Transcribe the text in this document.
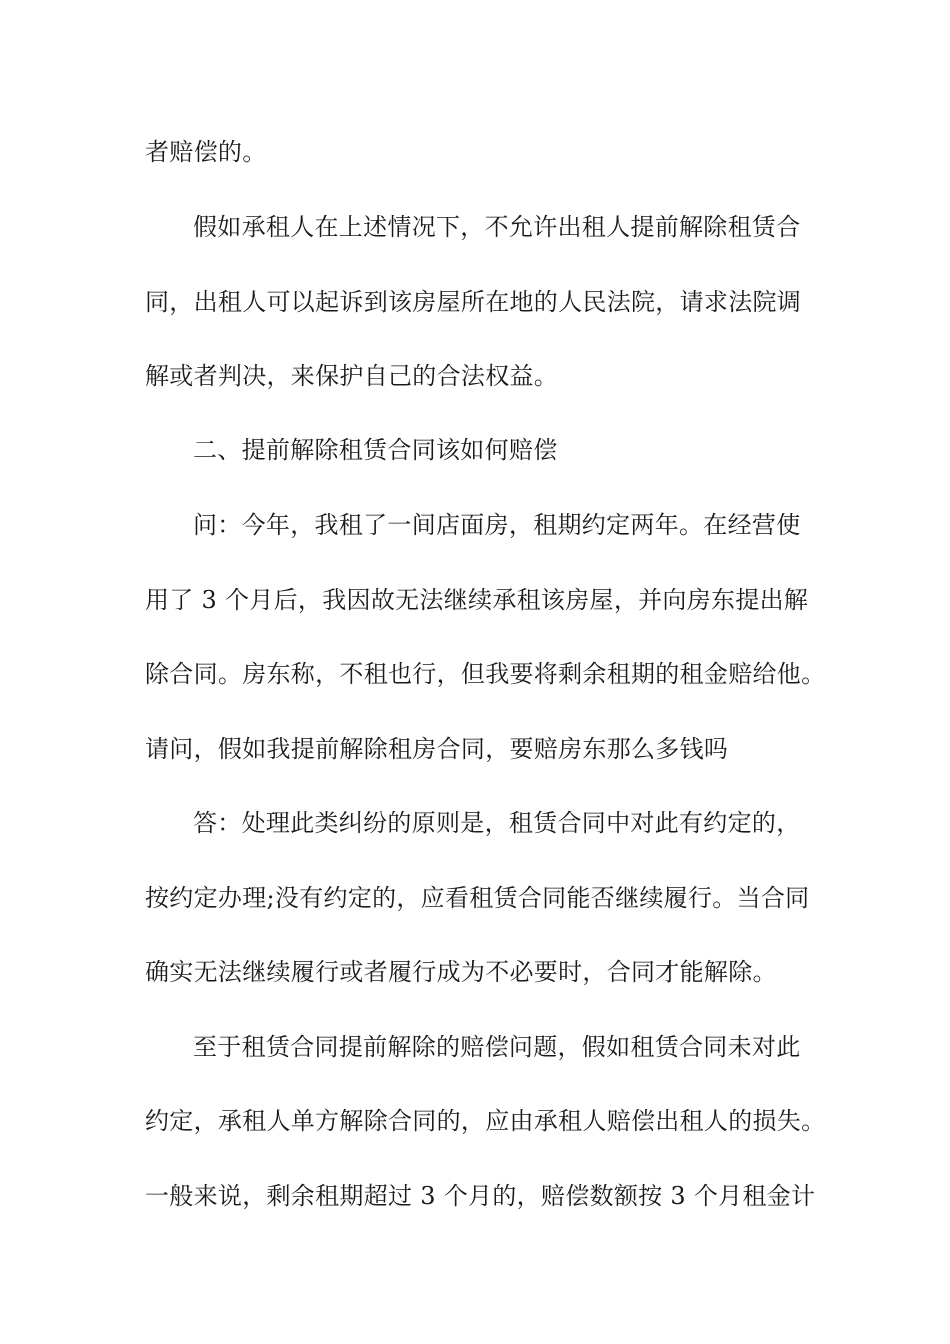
者赔偿的。
假如承租人在上述情况下，不允许出租人提前解除租赁合
同，出租人可以起诉到该房屋所在地的人民法院，请求法院调
解或者判决，来保护自己的合法权益。
二、提前解除租赁合同该如何赔偿
问：今年，我租了一间店面房，租期约定两年。在经营使
用了 3 个月后，我因故无法继续承租该房屋，并向房东提出解
除合同。房东称，不租也行，但我要将剩余租期的租金赔给他。
请问，假如我提前解除租房合同，要赔房东那么多钱吗
答：处理此类纠纷的原则是，租赁合同中对此有约定的，
按约定办理;没有约定的，应看租赁合同能否继续履行。当合同
确实无法继续履行或者履行成为不必要时，合同才能解除。
至于租赁合同提前解除的赔偿问题，假如租赁合同未对此
约定，承租人单方解除合同的，应由承租人赔偿出租人的损失。
一般来说，剩余租期超过 3 个月的，赔偿数额按 3 个月租金计
